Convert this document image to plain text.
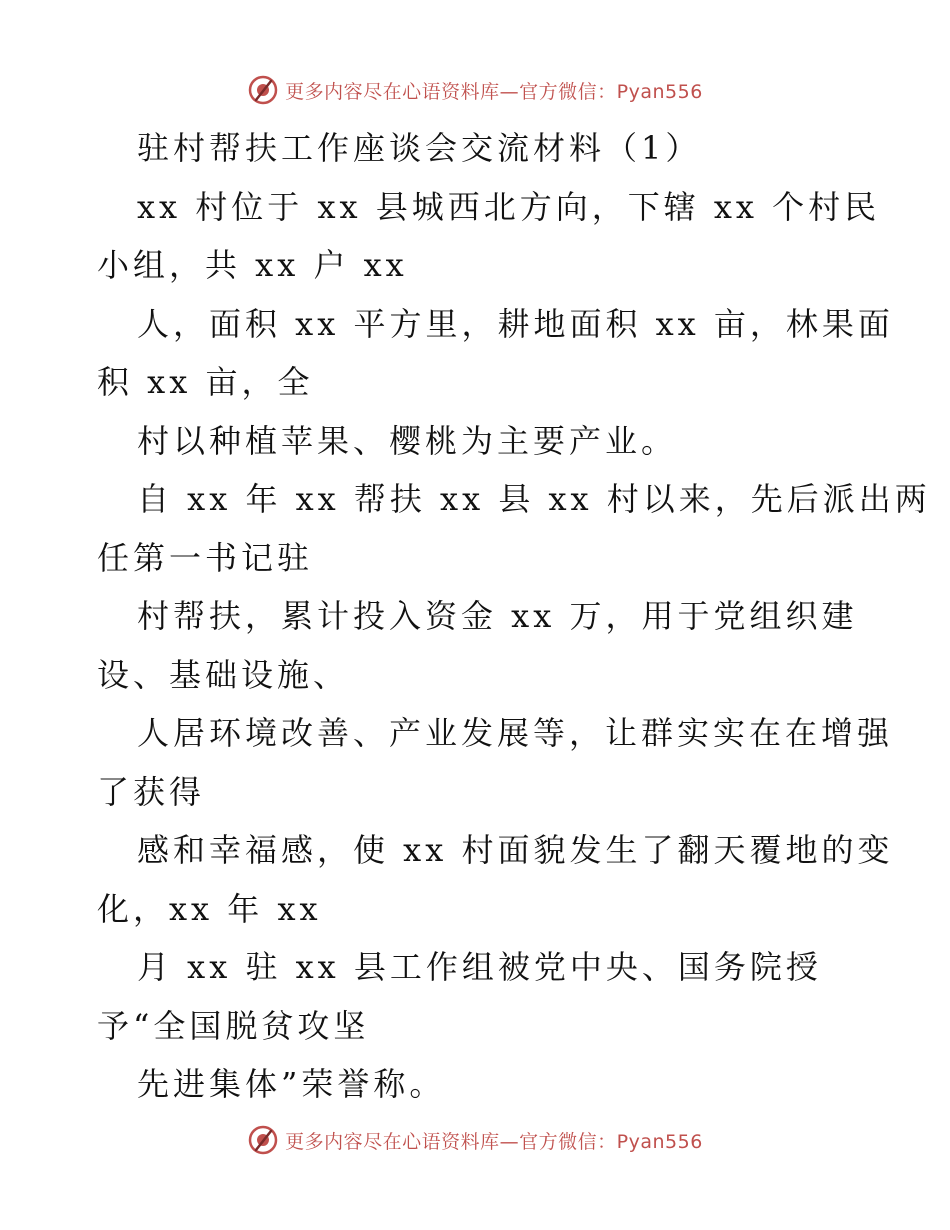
更多内容尽在心语资料库—官方微信：Pyan556
驻村帮扶工作座谈会交流材料（1）
xx 村位于 xx 县城西北方向，下辖 xx 个村民
小组，共 xx 户 xx
人，面积 xx 平方里，耕地面积 xx 亩，林果面
积 xx 亩，全
村以种植苹果、樱桃为主要产业。
自 xx 年 xx 帮扶 xx 县 xx 村以来，先后派出两
任第一书记驻
村帮扶，累计投入资金 xx 万，用于党组织建
设、基础设施、
人居环境改善、产业发展等，让群实实在在增强
了获得
感和幸福感，使 xx 村面貌发生了翻天覆地的变
化，xx 年 xx
月 xx 驻 xx 县工作组被党中央、国务院授
予“全国脱贫攻坚
先进集体”荣誉称。
更多内容尽在心语资料库—官方微信：Pyan556
